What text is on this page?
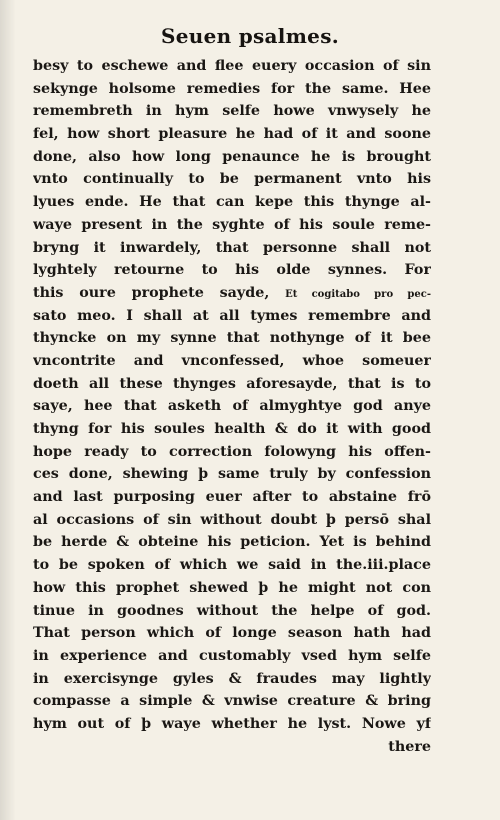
Seuen psalmes.
besy to eschewe and flee euery occasion of sin
sekynge holsome remedies for the same. Hee
remembreth in hym selfe howe vnwysely he
fel, how short pleasure he had of it and soone
done, also how long penaunce he is brought
vnto continually to be permanent vnto his
lyues ende. He that can kepe this thynge al-
waye present in the syghte of his soule reme-
bryng it inwardely, that personne shall not
lyghtely retourne to his olde synnes. For
this oure prophete sayde, Et cogitabo pro pec-
sato meo. I shall at all tymes remembre and
thyncke on my synne that nothynge of it bee
vncontrite and vnconfessed, whoe someuer
doeth all these thynges aforesayde, that is to
saye, hee that asketh of almyghtye god anye
thyng for his soules health & do it with good
hope ready to correction folowyng his offen-
ces done, shewing þ same truly by confession
and last purposing euer after to abstaine frō
al occasions of sin without doubt þ persō shal
be herde & obteine his peticion. Yet is behind
to be spoken of which we said in the.iii.place
how this prophet shewed þ he might not con
tinue in goodnes without the helpe of god.
That person which of longe season hath had
in experience and customably vsed hym selfe
in exercisynge gyles & fraudes may lightly
compasse a simple & vnwise creature & bring
hym out of þ waye whether he lyst. Nowe yf
there
